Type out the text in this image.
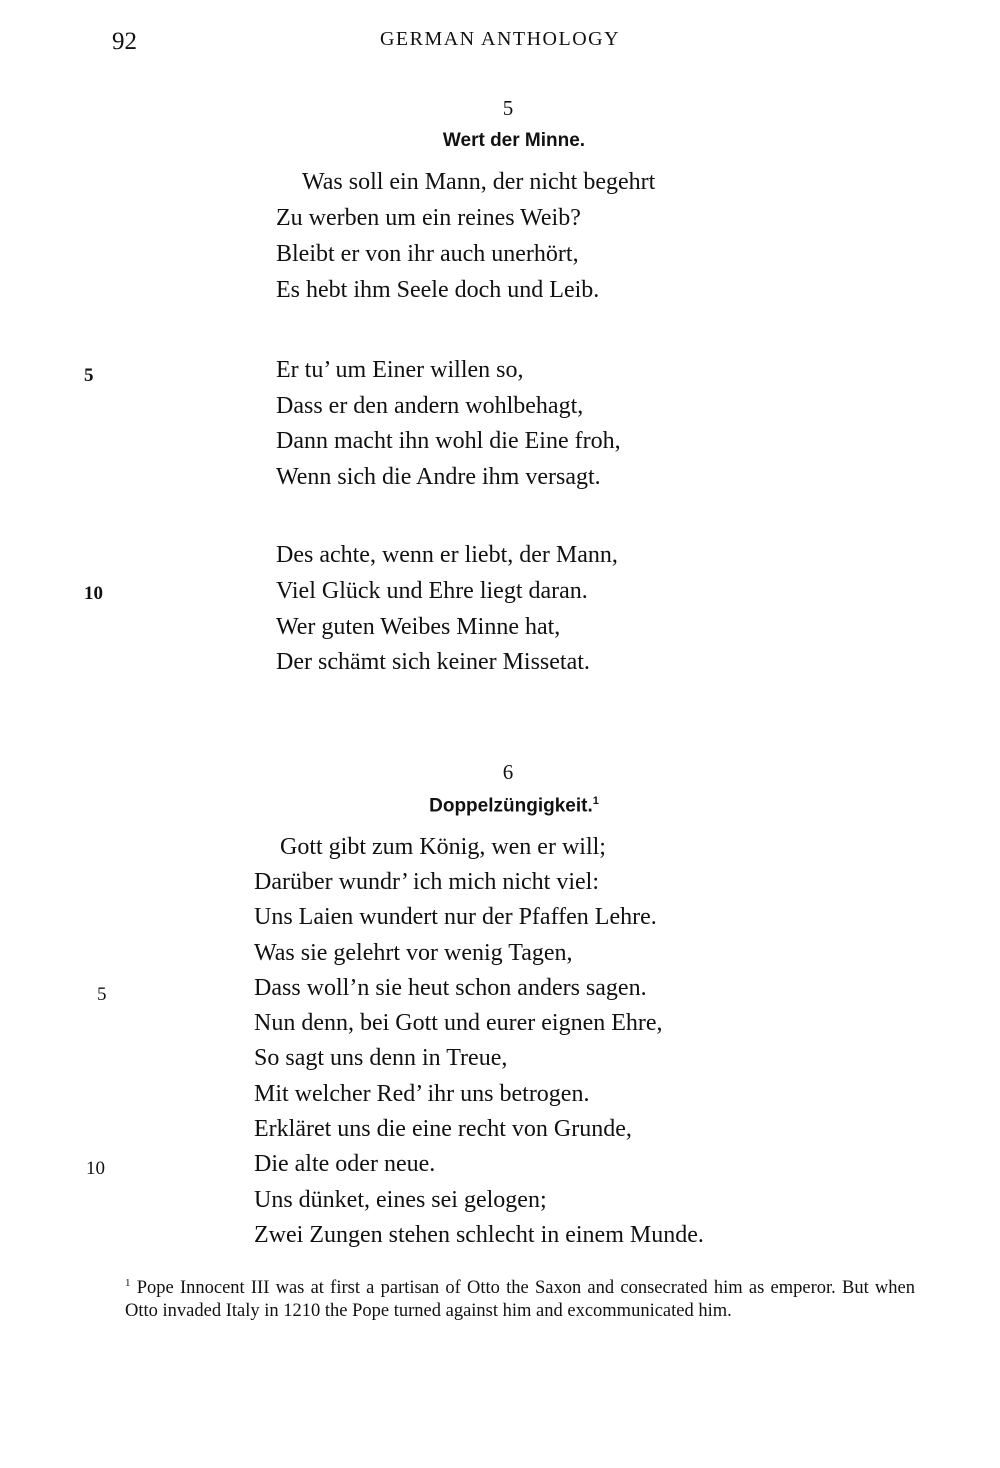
92	GERMAN ANTHOLOGY
5
Wert der Minne.
Was soll ein Mann, der nicht begehrt
Zu werben um ein reines Weib?
Bleibt er von ihr auch unerhört,
Es hebt ihm Seele doch und Leib.
Er tu’ um Einer willen so,
Dass er den andern wohlbehagt,
Dann macht ihn wohl die Eine froh,
Wenn sich die Andre ihm versagt.
Des achte, wenn er liebt, der Mann,
Viel Glück und Ehre liegt daran.
Wer guten Weibes Minne hat,
Der schämt sich keiner Missetat.
5
10
6
Doppelzüngigkeit.$^1$
Gott gibt zum König, wen er will;
Darüber wundr’ ich mich nicht viel:
Uns Laien wundert nur der Pfaffen Lehre.
Was sie gelehrt vor wenig Tagen,
Dass woll’n sie heut schon anders sagen.
Nun denn, bei Gott und eurer eignen Ehre,
So sagt uns denn in Treue,
Mit welcher Red’ ihr uns betrogen.
Erkläret uns die eine recht von Grunde,
Die alte oder neue.
Uns dünket, eines sei gelogen;
Zwei Zungen stehen schlecht in einem Munde.
5
10
$^1$ Pope Innocent III was at first a partisan of Otto the Saxon and consecrated him as emperor. But when Otto invaded Italy in 1210 the Pope turned against him and excommunicated him.
